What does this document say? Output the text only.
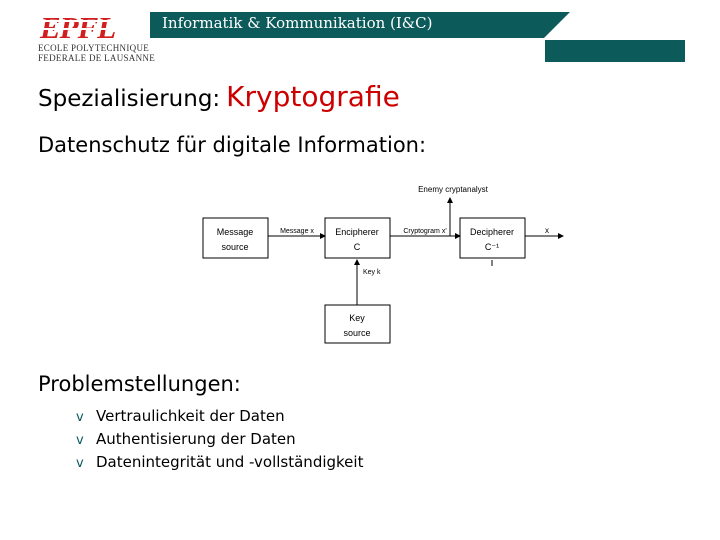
EPFL
ECOLE POLYTECHNIQUE
FEDERALE DE LAUSANNE
Informatik & Kommunikation (I&C)
Spezialisierung: Kryptografie
Datenschutz für digitale Information:
Message
source
Encipherer
C
Decipherer
C⁻¹
Key
source
Message x	Cryptogram x'	x
Key k
Enemy cryptanalyst
Problemstellungen:
v Vertraulichkeit der Daten
v Authentisierung der Daten
v Datenintegrität und -vollständigkeit
